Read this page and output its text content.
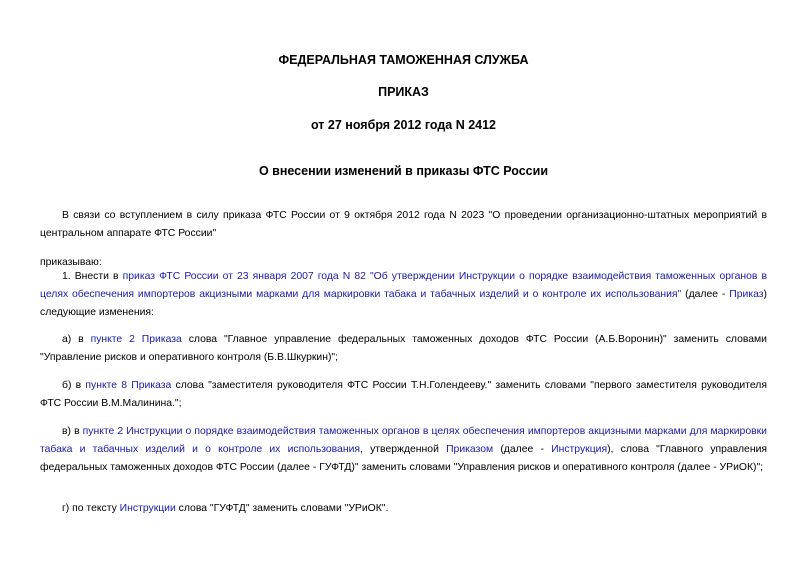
ФЕДЕРАЛЬНАЯ ТАМОЖЕННАЯ СЛУЖБА
ПРИКАЗ
от 27 ноября 2012 года N 2412
О внесении изменений в приказы ФТС России
В связи со вступлением в силу приказа ФТС России от 9 октября 2012 года N 2023 "О проведении организационно-штатных мероприятий в центральном аппарате ФТС России"
приказываю:
1. Внести в приказ ФТС России от 23 января 2007 года N 82 "Об утверждении Инструкции о порядке взаимодействия таможенных органов в целях обеспечения импортеров акцизными марками для маркировки табака и табачных изделий и о контроле их использования" (далее - Приказ) следующие изменения:
а) в пункте 2 Приказа слова "Главное управление федеральных таможенных доходов ФТС России (А.Б.Воронин)" заменить словами "Управление рисков и оперативного контроля (Б.В.Шкуркин)";
б) в пункте 8 Приказа слова "заместителя руководителя ФТС России Т.Н.Голендееву." заменить словами "первого заместителя руководителя ФТС России В.М.Малинина.";
в) в пункте 2 Инструкции о порядке взаимодействия таможенных органов в целях обеспечения импортеров акцизными марками для маркировки табака и табачных изделий и о контроле их использования, утвержденной Приказом (далее - Инструкция), слова "Главного управления федеральных таможенных доходов ФТС России (далее - ГУФТД)" заменить словами "Управления рисков и оперативного контроля (далее - УРиОК)";
г) по тексту Инструкции слова "ГУФТД" заменить словами "УРиОК".
